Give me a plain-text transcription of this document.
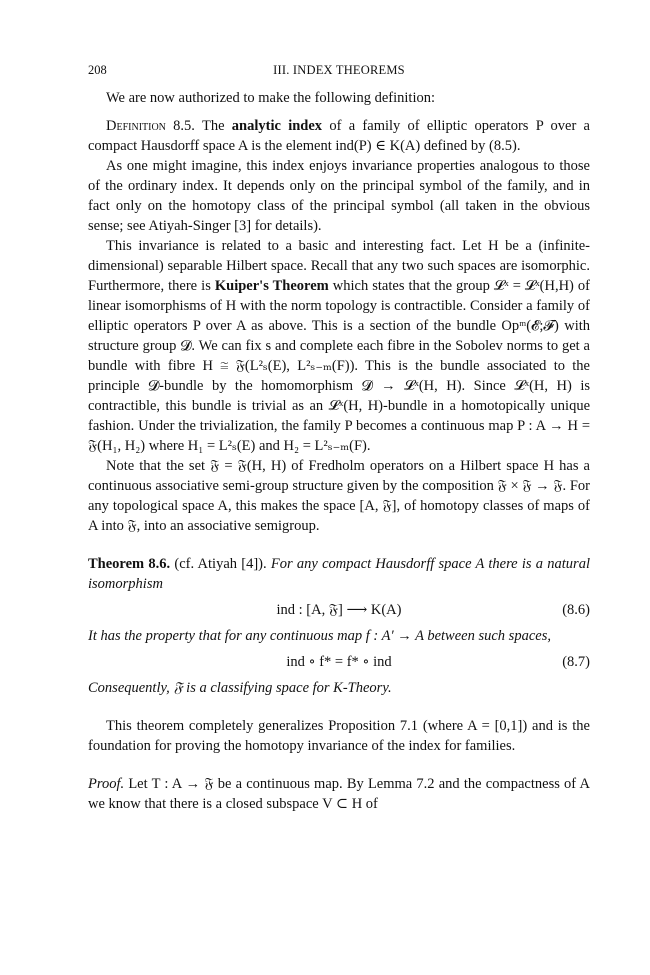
208	III. INDEX THEOREMS

We are now authorized to make the following definition:

Definition 8.5. The analytic index of a family of elliptic operators P over a compact Hausdorff space A is the element ind(P) ∈ K(A) defined by (8.5).

As one might imagine, this index enjoys invariance properties analogous to those of the ordinary index. It depends only on the principal symbol of the family, and in fact only on the homotopy class of the principal symbol (all taken in the obvious sense; see Atiyah-Singer [3] for details).

This invariance is related to a basic and interesting fact. Let H be a (infinite-dimensional) separable Hilbert space. Recall that any two such spaces are isomorphic. Furthermore, there is Kuiper's Theorem which states that the group 𝓛ˣ = 𝓛ˣ(H,H) of linear isomorphisms of H with the norm topology is contractible. Consider a family of elliptic operators P over A as above. This is a section of the bundle Opᵐ(𝓔;𝓕) with structure group 𝓓. We can fix s and complete each fibre in the Sobolev norms to get a bundle with fibre H ≅ 𝔉(L²ₛ(E), L²ₛ₋ₘ(F)). This is the bundle associated to the principle 𝓓-bundle by the homomorphism 𝓓 → 𝓛ˣ(H, H). Since 𝓛ˣ(H, H) is contractible, this bundle is trivial as an 𝓛ˣ(H, H)-bundle in a homotopically unique fashion. Under the trivialization, the family P becomes a continuous map P : A → H = 𝔉(H₁, H₂) where H₁ = L²ₛ(E) and H₂ = L²ₛ₋ₘ(F).

Note that the set 𝔉 = 𝔉(H, H) of Fredholm operators on a Hilbert space H has a continuous associative semi-group structure given by the composition 𝔉 × 𝔉 → 𝔉. For any topological space A, this makes the space [A, 𝔉], of homotopy classes of maps of A into 𝔉, into an associative semigroup.

Theorem 8.6. (cf. Atiyah [4]). For any compact Hausdorff space A there is a natural isomorphism

ind : [A, 𝔉] ⟶ K(A)	(8.6)

It has the property that for any continuous map f : A′ → A between such spaces,

ind ∘ f* = f* ∘ ind	(8.7)

Consequently, 𝔉 is a classifying space for K-Theory.

This theorem completely generalizes Proposition 7.1 (where A = [0,1]) and is the foundation for proving the homotopy invariance of the index for families.

Proof. Let T : A → 𝔉 be a continuous map. By Lemma 7.2 and the compactness of A we know that there is a closed subspace V ⊂ H of
